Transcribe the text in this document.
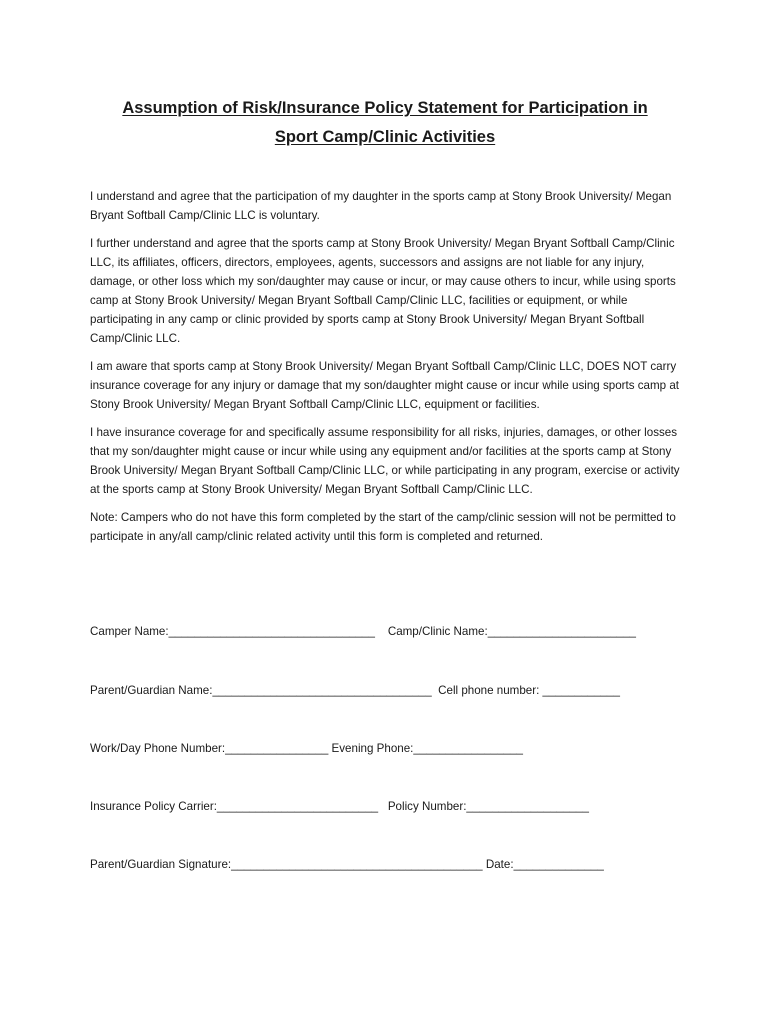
Assumption of Risk/Insurance Policy Statement for Participation in
Sport Camp/Clinic Activities

I understand and agree that the participation of my daughter in the sports camp at Stony Brook University/ Megan Bryant Softball Camp/Clinic LLC is voluntary.

I further understand and agree that the sports camp at Stony Brook University/ Megan Bryant Softball Camp/Clinic LLC, its affiliates, officers, directors, employees, agents, successors and assigns are not liable for any injury, damage, or other loss which my son/daughter may cause or incur, or may cause others to incur, while using sports camp at Stony Brook University/ Megan Bryant Softball Camp/Clinic LLC, facilities or equipment, or while participating in any camp or clinic provided by sports camp at Stony Brook University/ Megan Bryant Softball Camp/Clinic LLC.

I am aware that sports camp at Stony Brook University/ Megan Bryant Softball Camp/Clinic LLC, DOES NOT carry insurance coverage for any injury or damage that my son/daughter might cause or incur while using sports camp at Stony Brook University/ Megan Bryant Softball Camp/Clinic LLC, equipment or facilities.

I have insurance coverage for and specifically assume responsibility for all risks, injuries, damages, or other losses that my son/daughter might cause or incur while using any equipment and/or facilities at the sports camp at Stony Brook University/ Megan Bryant Softball Camp/Clinic LLC, or while participating in any program, exercise or activity at the sports camp at Stony Brook University/ Megan Bryant Softball Camp/Clinic LLC.

Note: Campers who do not have this form completed by the start of the camp/clinic session will not be permitted to participate in any/all camp/clinic related activity until this form is completed and returned.

Camper Name:________________________________ Camp/Clinic Name:_______________________
Parent/Guardian Name:__________________________________ Cell phone number: ____________
Work/Day Phone Number:________________ Evening Phone:_________________
Insurance Policy Carrier:_________________________ Policy Number:___________________
Parent/Guardian Signature:_______________________________________ Date:______________
